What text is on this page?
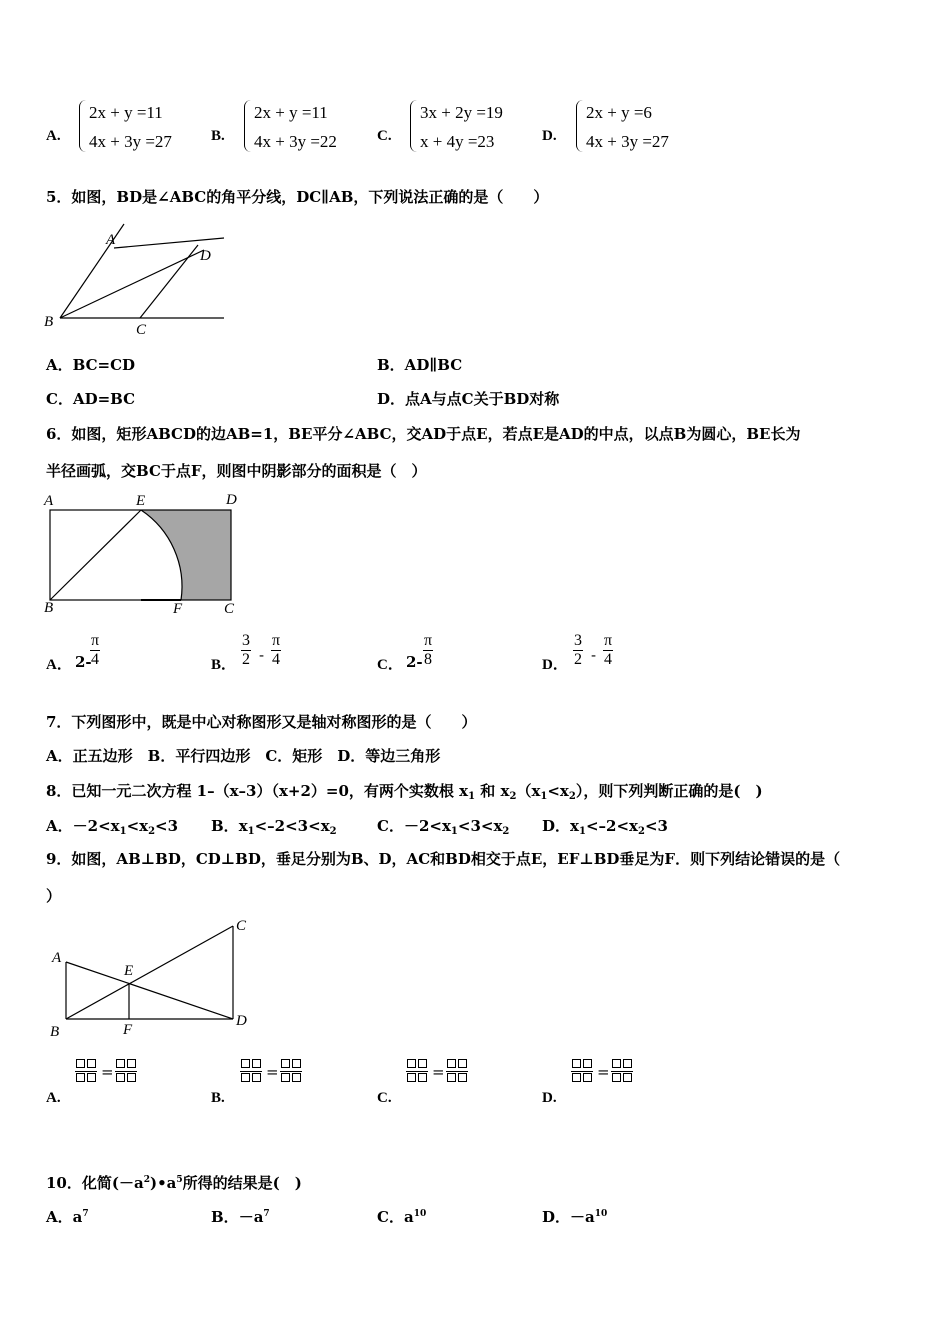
A.
2x + y =11
4x + 3y =27	B.
2x + y =11
4x + 3y =22	C.
3x + 2y =19
x + 4y =23	D.
2x + y =6
4x + 3y =27
5．如图，BD是∠ABC的角平分线，DC∥AB，下列说法正确的是（　　）
A
D
B	C
A．BC=CD	B．AD∥BC
C．AD=BC	D．点A与点C关于BD对称
6．如图，矩形ABCD的边AB=1，BE平分∠ABC，交AD于点E，若点E是AD的中点，以点B为圆心，BE长为
半径画弧，交BC于点F，则图中阴影部分的面积是（　）
A	E	D
B	F	C
A． 2-
$\frac{\pi}{4}$	B． $\frac{3}{2} - \frac{\pi}{4}$	C． $2- \frac{\pi}{8}$	D． $\frac{3}{2} - \frac{\pi}{4}$
7．下列图形中，既是中心对称图形又是轴对称图形的是（　　）
A．正五边形　B．平行四边形　C．矩形　D．等边三角形
8．已知一元二次方程 1–（x–3）（x+2）=0，有两个实数根 $x_1$ 和 $x_2(x_1<x_2)$，则下列判断正确的是(　)
A．$-2<x_1<x_2<3$ B．$x_1<-2<3<x_2$	C．$-2<x_1<3<x_2$ D．$x_1<-2<x_2<3$
9．如图，AB⊥BD，CD⊥BD，垂足分别为B、D，AC和BD相交于点E，EF⊥BD垂足为F．则下列结论错误的是（
）
A
C
E
B	F
D
=
A.
=
B.
=
C.
=
D.
10．化简$(-a^2)•a^5$所得的结果是(　)
A．$a^7$	B．$-a^7$	C．$a^{10}$	D．$-a^{10}$
